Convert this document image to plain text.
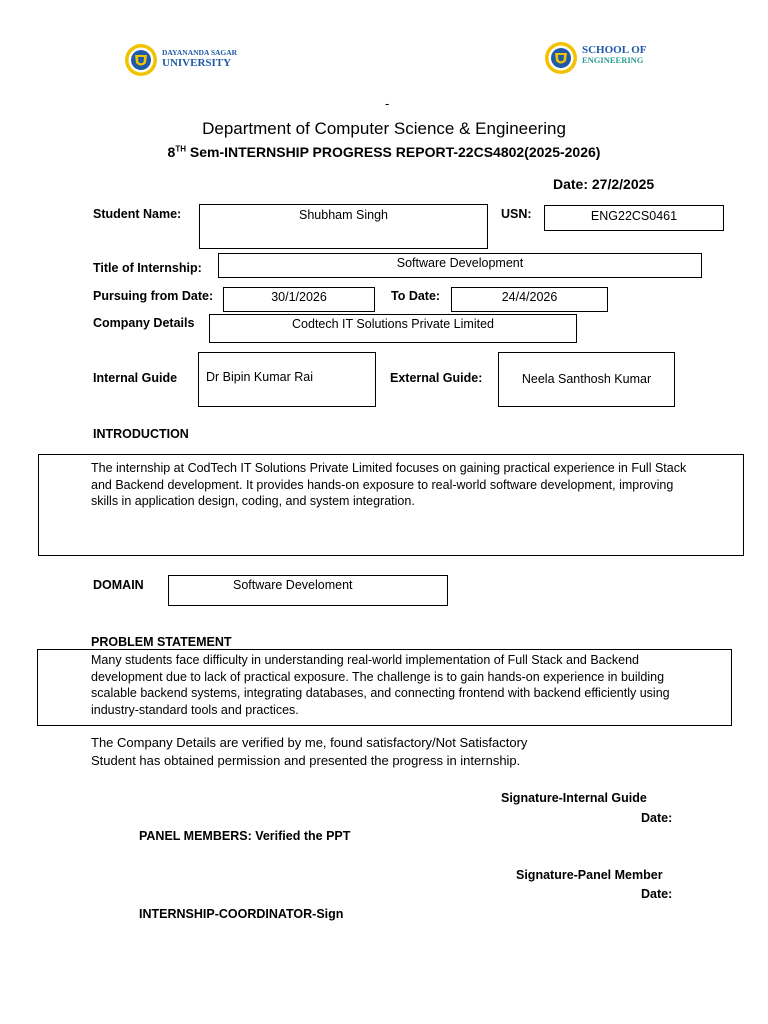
DAYANANDA SAGAR
UNIVERSITY
SCHOOL OF
ENGINEERING
-
Department of Computer Science & Engineering
8TH Sem-INTERNSHIP PROGRESS REPORT-22CS4802(2025-2026)
Date: 27/2/2025
Student Name:	Shubham Singh	USN:	ENG22CS0461
Title of Internship:	Software Development
Pursuing from Date:	30/1/2026	To Date:	24/4/2026
Company Details	Codtech IT Solutions Private Limited
Internal Guide Dr Bipin Kumar Rai	External Guide:	Neela Santhosh Kumar
INTRODUCTION
The internship at CodTech IT Solutions Private Limited focuses on gaining practical experience in Full Stack and Backend development. It provides hands-on exposure to real-world software development, improving skills in application design, coding, and system integration.
DOMAIN	Software Develoment
PROBLEM STATEMENT
Many students face difficulty in understanding real-world implementation of Full Stack and Backend development due to lack of practical exposure. The challenge is to gain hands-on experience in building scalable backend systems, integrating databases, and connecting frontend with backend efficiently using industry-standard tools and practices.
The Company Details are verified by me, found satisfactory/Not Satisfactory
Student has obtained permission and presented the progress in internship.
Signature-Internal Guide
Date:
PANEL MEMBERS: Verified the PPT
Signature-Panel Member
Date:
INTERNSHIP-COORDINATOR-Sign
